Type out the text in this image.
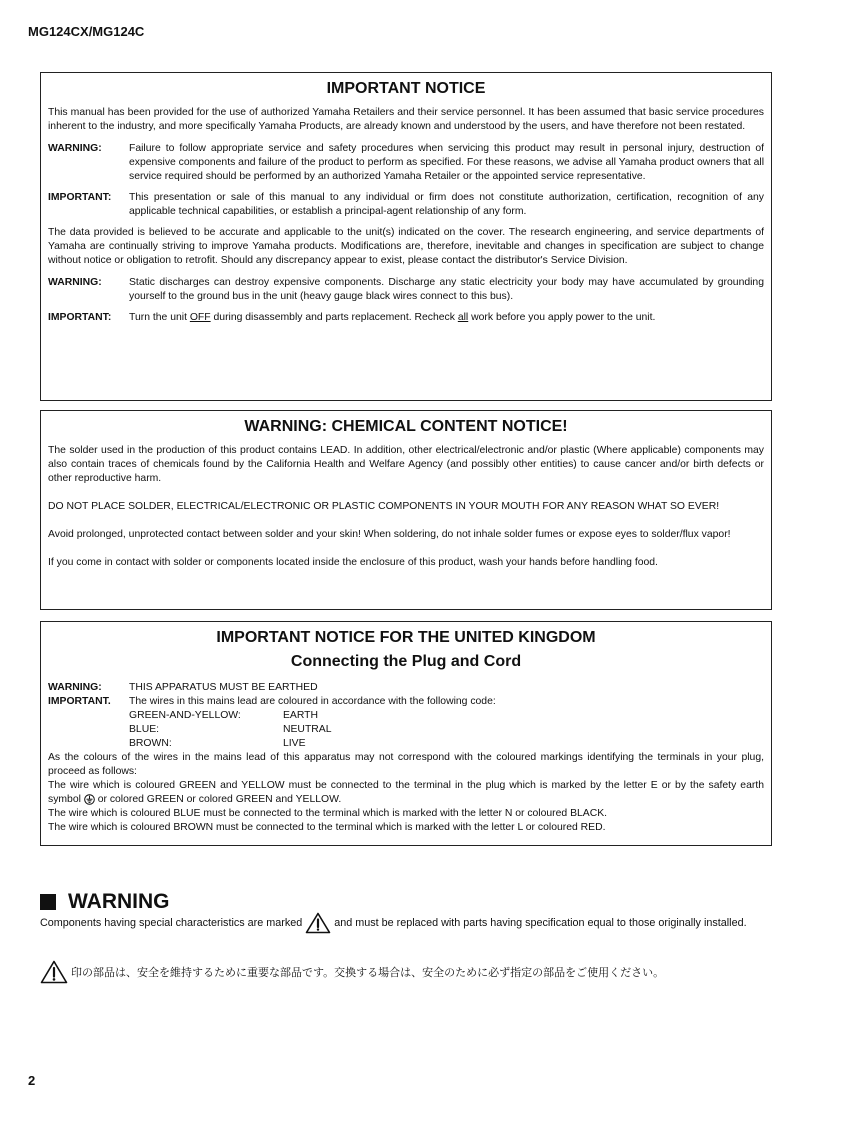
MG124CX/MG124C
IMPORTANT NOTICE

This manual has been provided for the use of authorized Yamaha Retailers and their service personnel. It has been assumed that basic service procedures inherent to the industry, and more specifically Yamaha Products, are already known and understood by the users, and have therefore not been restated.

WARNING:	Failure to follow appropriate service and safety procedures when servicing this product may result in personal injury, destruction of expensive components and failure of the product to perform as specified. For these reasons, we advise all Yamaha product owners that all service required should be performed by an authorized Yamaha Retailer or the appointed service representative.
IMPORTANT:	This presentation or sale of this manual to any individual or firm does not constitute authorization, certification, recognition of any applicable technical capabilities, or establish a principal-agent relationship of any form.

The data provided is believed to be accurate and applicable to the unit(s) indicated on the cover. The research engineering, and service departments of Yamaha are continually striving to improve Yamaha products. Modifications are, therefore, inevitable and changes in specification are subject to change without notice or obligation to retrofit. Should any discrepancy appear to exist, please contact the distributor's Service Division.

WARNING:	Static discharges can destroy expensive components. Discharge any static electricity your body may have accumulated by grounding yourself to the ground bus in the unit (heavy gauge black wires connect to this bus).
IMPORTANT:	Turn the unit OFF during disassembly and parts replacement. Recheck all work before you apply power to the unit.
WARNING: CHEMICAL CONTENT NOTICE!

The solder used in the production of this product contains LEAD. In addition, other electrical/electronic and/or plastic (Where applicable) components may also contain traces of chemicals found by the California Health and Welfare Agency (and possibly other entities) to cause cancer and/or birth defects or other reproductive harm.

DO NOT PLACE SOLDER, ELECTRICAL/ELECTRONIC OR PLASTIC COMPONENTS IN YOUR MOUTH FOR ANY REASON WHAT SO EVER!

Avoid prolonged, unprotected contact between solder and your skin! When soldering, do not inhale solder fumes or expose eyes to solder/flux vapor!

If you come in contact with solder or components located inside the enclosure of this product, wash your hands before handling food.

IMPORTANT NOTICE FOR THE UNITED KINGDOM
Connecting the Plug and Cord
WARNING:	THIS APPARATUS MUST BE EARTHED
IMPORTANT.	The wires in this mains lead are coloured in accordance with the following code:
GREEN-AND-YELLOW:	EARTH
BLUE:	NEUTRAL
BROWN:	LIVE
As the colours of the wires in the mains lead of this apparatus may not correspond with the coloured markings identifying the terminals in your plug, proceed as follows:
The wire which is coloured GREEN and YELLOW must be connected to the terminal in the plug which is marked by the letter E or by the safety earth symbol  or colored GREEN or colored GREEN and YELLOW.
The wire which is coloured BLUE must be connected to the terminal which is marked with the letter N or coloured BLACK.
The wire which is coloured BROWN must be connected to the terminal which is marked with the letter L or coloured RED.
WARNING
Components having special characteristics are marked  and must be replaced with parts having specification equal to those originally installed.
印の部品は、安全を維持するために重要な部品です。交換する場合は、安全のために必ず指定の部品をご使用ください。
2
